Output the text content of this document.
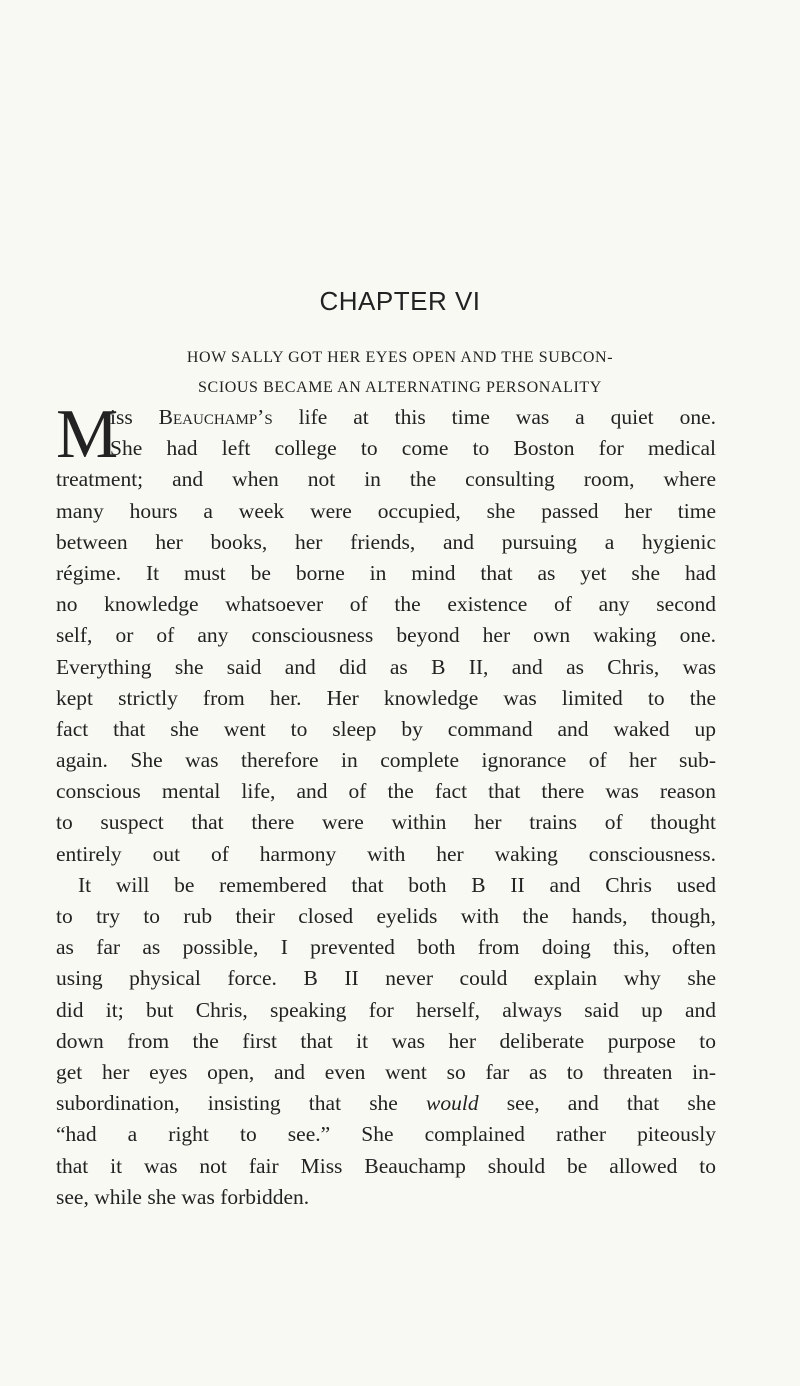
CHAPTER VI
HOW SALLY GOT HER EYES OPEN AND THE SUBCON-
SCIOUS BECAME AN ALTERNATING PERSONALITY
M
iss Beauchamp’s life at this time was a quiet one.
She had left college to come to Boston for medical
treatment; and when not in the consulting room, where
many hours a week were occupied, she passed her time
between her books, her friends, and pursuing a hygienic
régime. It must be borne in mind that as yet she had
no knowledge whatsoever of the existence of any second
self, or of any consciousness beyond her own waking one.
Everything she said and did as B II, and as Chris, was
kept strictly from her. Her knowledge was limited to the
fact that she went to sleep by command and waked up
again. She was therefore in complete ignorance of her sub-
conscious mental life, and of the fact that there was reason
to suspect that there were within her trains of thought
entirely out of harmony with her waking consciousness.
It will be remembered that both B II and Chris used
to try to rub their closed eyelids with the hands, though,
as far as possible, I prevented both from doing this, often
using physical force. B II never could explain why she
did it; but Chris, speaking for herself, always said up and
down from the first that it was her deliberate purpose to
get her eyes open, and even went so far as to threaten in-
subordination, insisting that she would see, and that she
“had a right to see.” She complained rather piteously
that it was not fair Miss Beauchamp should be allowed to
see, while she was forbidden.
